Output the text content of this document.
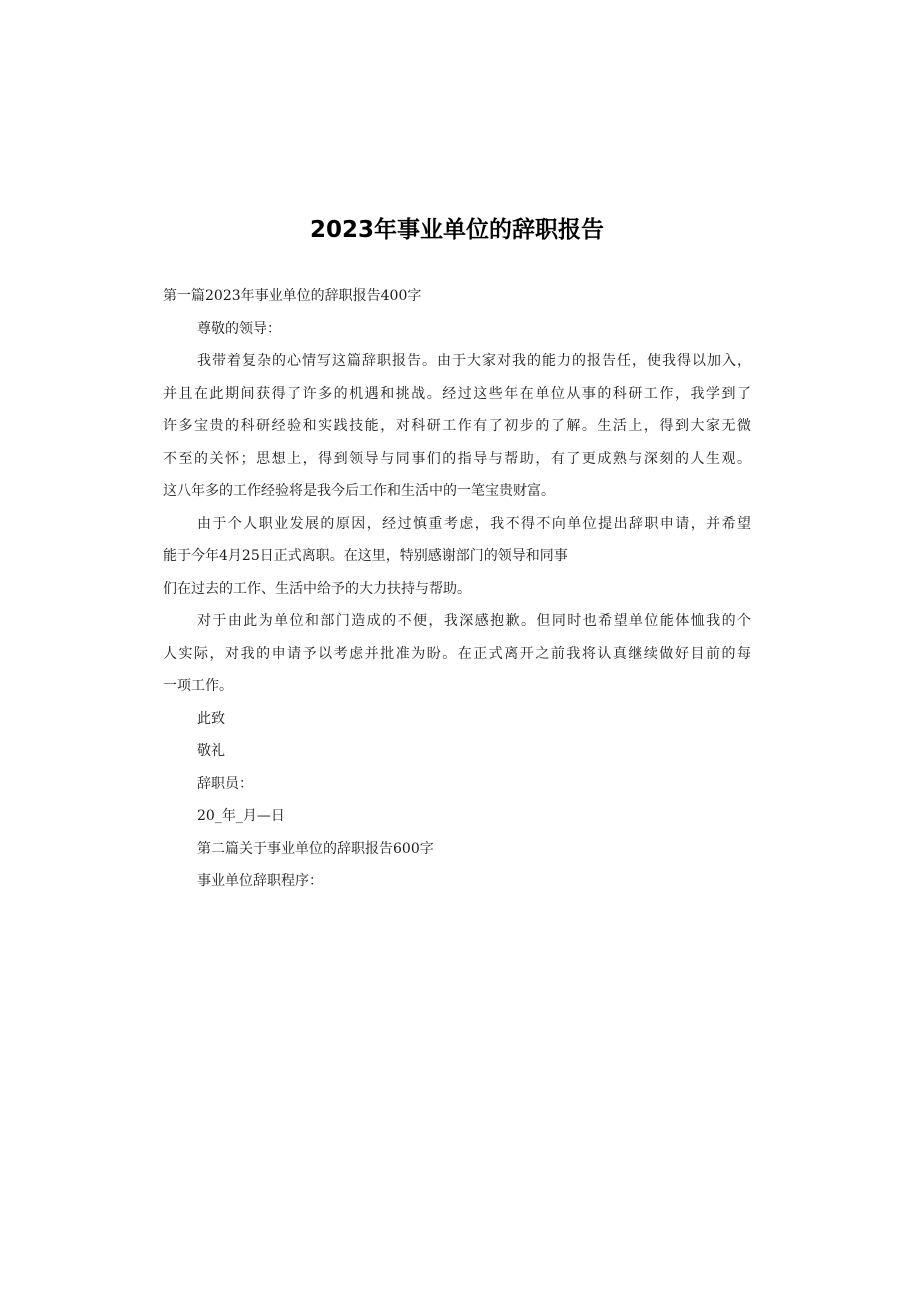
2023年事业单位的辞职报告
第一篇2023年事业单位的辞职报告400字
尊敬的领导：
我带着复杂的心情写这篇辞职报告。由于大家对我的能力的报告任，使我得以加入，
并且在此期间获得了许多的机遇和挑战。经过这些年在单位从事的科研工作，我学到了
许多宝贵的科研经验和实践技能，对科研工作有了初步的了解。生活上，得到大家无微
不至的关怀；思想上，得到领导与同事们的指导与帮助，有了更成熟与深刻的人生观。
这八年多的工作经验将是我今后工作和生活中的一笔宝贵财富。
由于个人职业发展的原因，经过慎重考虑，我不得不向单位提出辞职申请，并希望
能于今年4月25日正式离职。在这里，特别感谢部门的领导和同事
们在过去的工作、生活中给予的大力扶持与帮助。
对于由此为单位和部门造成的不便，我深感抱歉。但同时也希望单位能体恤我的个
人实际，对我的申请予以考虑并批准为盼。在正式离开之前我将认真继续做好目前的每
一项工作。
此致
敬礼
辞职员：
20_年_月—日
第二篇关于事业单位的辞职报告600字
事业单位辞职程序：
